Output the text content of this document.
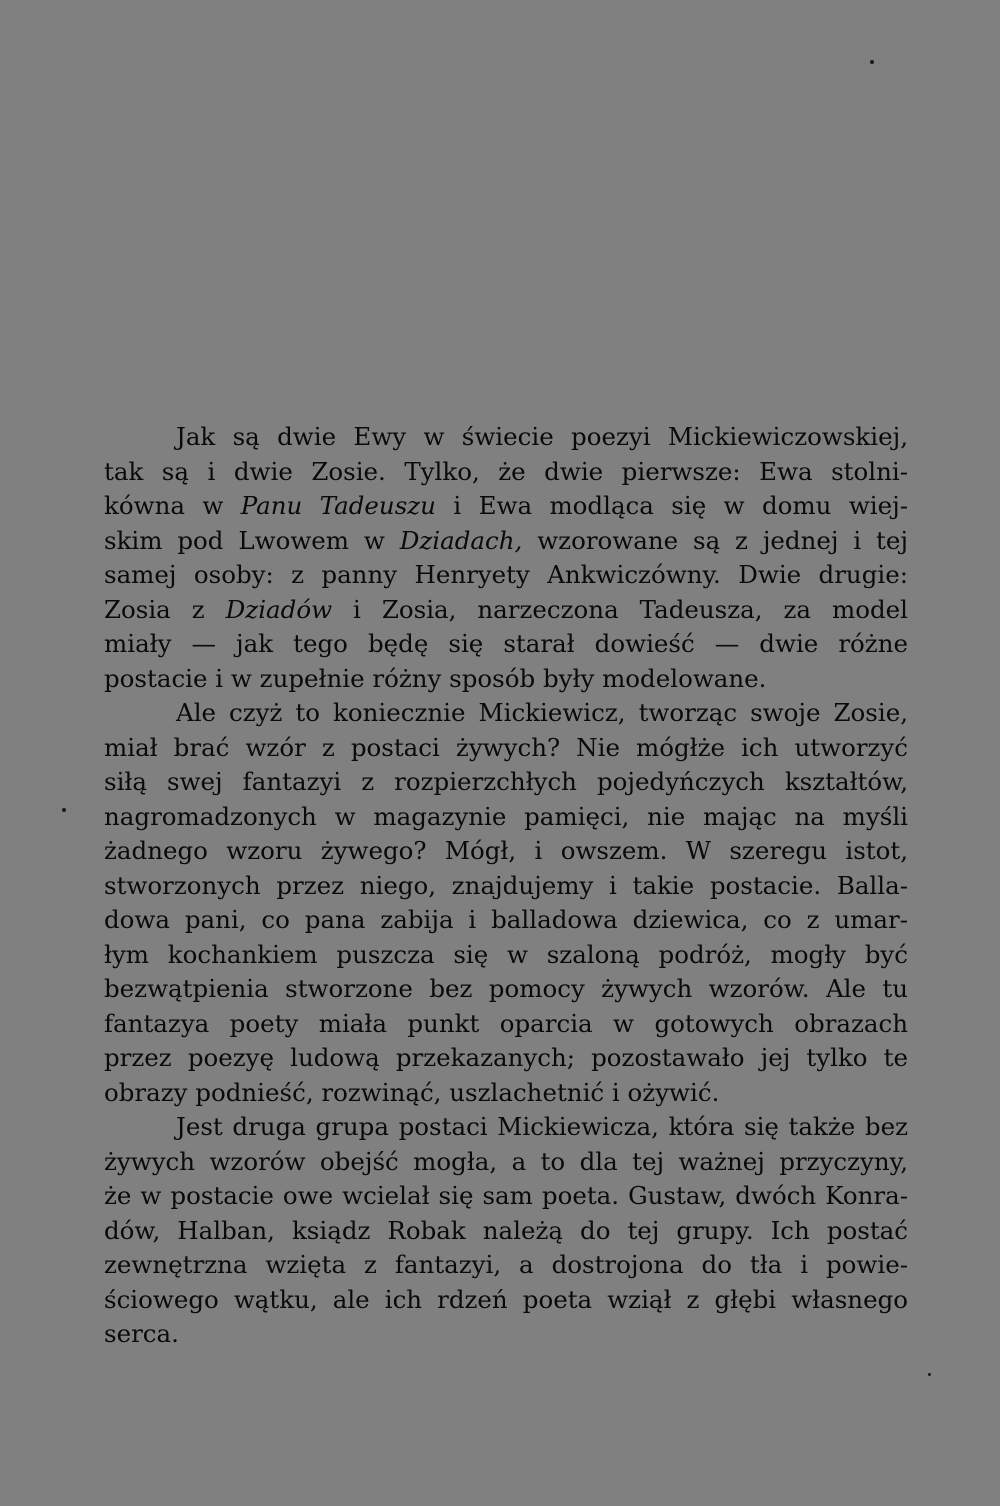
Jak są dwie Ewy w świecie poezyi Mickiewiczowskiej,
tak są i dwie Zosie. Tylko, że dwie pierwsze: Ewa stolni-
kówna w Panu Tadeuszu i Ewa modląca się w domu wiej-
skim pod Lwowem w Dziadach, wzorowane są z jednej i tej
samej osoby: z panny Henryety Ankwiczówny. Dwie drugie:
Zosia z Dziadów i Zosia, narzeczona Tadeusza, za model
miały — jak tego będę się starał dowieść — dwie różne
postacie i w zupełnie różny sposób były modelowane.
Ale czyż to koniecznie Mickiewicz, tworząc swoje Zosie,
miał brać wzór z postaci żywych? Nie mógłże ich utworzyć
siłą swej fantazyi z rozpierzchłych pojedyńczych kształtów,
nagromadzonych w magazynie pamięci, nie mając na myśli
żadnego wzoru żywego? Mógł, i owszem. W szeregu istot,
stworzonych przez niego, znajdujemy i takie postacie. Balla-
dowa pani, co pana zabija i balladowa dziewica, co z umar-
łym kochankiem puszcza się w szaloną podróż, mogły być
bezwątpienia stworzone bez pomocy żywych wzorów. Ale tu
fantazya poety miała punkt oparcia w gotowych obrazach
przez poezyę ludową przekazanych; pozostawało jej tylko te
obrazy podnieść, rozwinąć, uszlachetnić i ożywić.
Jest druga grupa postaci Mickiewicza, która się także bez
żywych wzorów obejść mogła, a to dla tej ważnej przyczyny,
że w postacie owe wcielał się sam poeta. Gustaw, dwóch Konra-
dów, Halban, ksiądz Robak należą do tej grupy. Ich postać
zewnętrzna wzięta z fantazyi, a dostrojona do tła i powie-
ściowego wątku, ale ich rdzeń poeta wziął z głębi własnego
serca.
